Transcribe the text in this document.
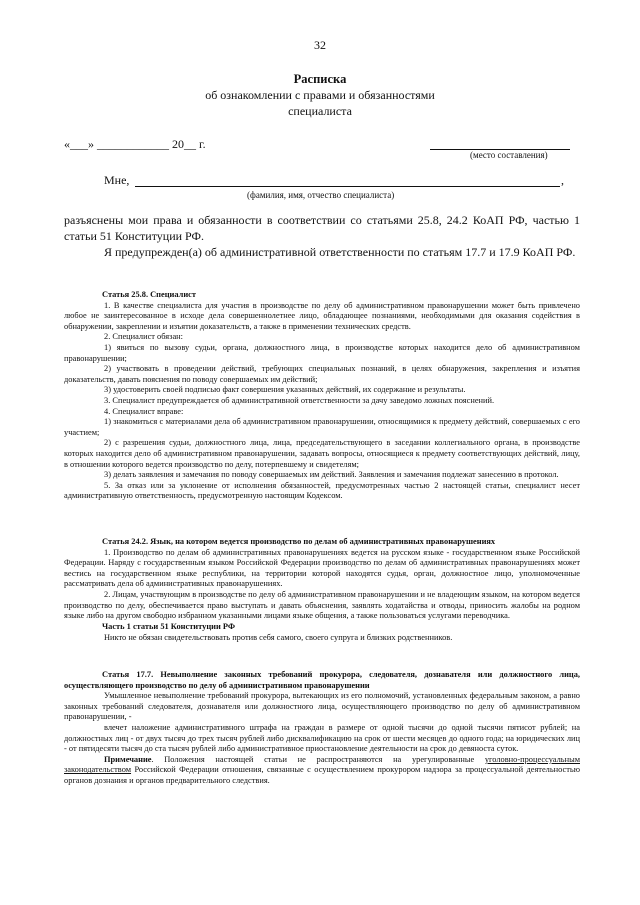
32
Расписка
об ознакомлении с правами и обязанностями
специалиста
«___» ____________ 20__ г.
(место составления)
Мне,	,
(фамилия, имя, отчество специалиста)
разъяснены мои права и обязанности в соответствии со статьями 25.8, 24.2 КоАП РФ, частью 1 статьи 51 Конституции РФ.
Я предупрежден(а) об административной ответственности по статьям 17.7 и 17.9 КоАП РФ.

Статья 25.8. Специалист

1. В качестве специалиста для участия в производстве по делу об административном правонарушении может быть привлечено любое не заинтересованное в исходе дела совершеннолетнее лицо, обладающее познаниями, необходимыми для оказания содействия в обнаружении, закреплении и изъятии доказательств, а также в применении технических средств.

2. Специалист обязан:

1) явиться по вызову судьи, органа, должностного лица, в производстве которых находится дело об административном правонарушении;

2) участвовать в проведении действий, требующих специальных познаний, в целях обнаружения, закрепления и изъятия доказательств, давать пояснения по поводу совершаемых им действий;

3) удостоверить своей подписью факт совершения указанных действий, их содержание и результаты.

3. Специалист предупреждается об административной ответственности за дачу заведомо ложных пояснений.

4. Специалист вправе:

1) знакомиться с материалами дела об административном правонарушении, относящимися к предмету действий, совершаемых с его участием;

2) с разрешения судьи, должностного лица, лица, председательствующего в заседании коллегиального органа, в производстве которых находится дело об административном правонарушении, задавать вопросы, относящиеся к предмету соответствующих действий, лицу, в отношении которого ведется производство по делу, потерпевшему и свидетелям;

3) делать заявления и замечания по поводу совершаемых им действий. Заявления и замечания подлежат занесению в протокол.

5. За отказ или за уклонение от исполнения обязанностей, предусмотренных частью 2 настоящей статьи, специалист несет административную ответственность, предусмотренную настоящим Кодексом.

Статья 24.2. Язык, на котором ведется производство по делам об административных правонарушениях

1. Производство по делам об административных правонарушениях ведется на русском языке - государственном языке Российской Федерации. Наряду с государственным языком Российской Федерации производство по делам об административных правонарушениях может вестись на государственном языке республики, на территории которой находятся судья, орган, должностное лицо, уполномоченные рассматривать дела об административных правонарушениях.

2. Лицам, участвующим в производстве по делу об административном правонарушении и не владеющим языком, на котором ведется производство по делу, обеспечивается право выступать и давать объяснения, заявлять ходатайства и отводы, приносить жалобы на родном языке либо на другом свободно избранном указанными лицами языке общения, а также пользоваться услугами переводчика.

Часть 1 статьи 51 Конституции РФ

Никто не обязан свидетельствовать против себя самого, своего супруга и близких родственников.

Статья 17.7. Невыполнение законных требований прокурора, следователя, дознавателя или должностного лица, осуществляющего производство по делу об административном правонарушении

Умышленное невыполнение требований прокурора, вытекающих из его полномочий, установленных федеральным законом, а равно законных требований следователя, дознавателя или должностного лица, осуществляющего производство по делу об административном правонарушении, -

влечет наложение административного штрафа на граждан в размере от одной тысячи до одной тысячи пятисот рублей; на должностных лиц - от двух тысяч до трех тысяч рублей либо дисквалификацию на срок от шести месяцев до одного года; на юридических лиц - от пятидесяти тысяч до ста тысяч рублей либо административное приостановление деятельности на срок до девяноста суток.

Примечание. Положения настоящей статьи не распространяются на урегулированные уголовно-процессуальным законодательством Российской Федерации отношения, связанные с осуществлением прокурором надзора за процессуальной деятельностью органов дознания и органов предварительного следствия.
